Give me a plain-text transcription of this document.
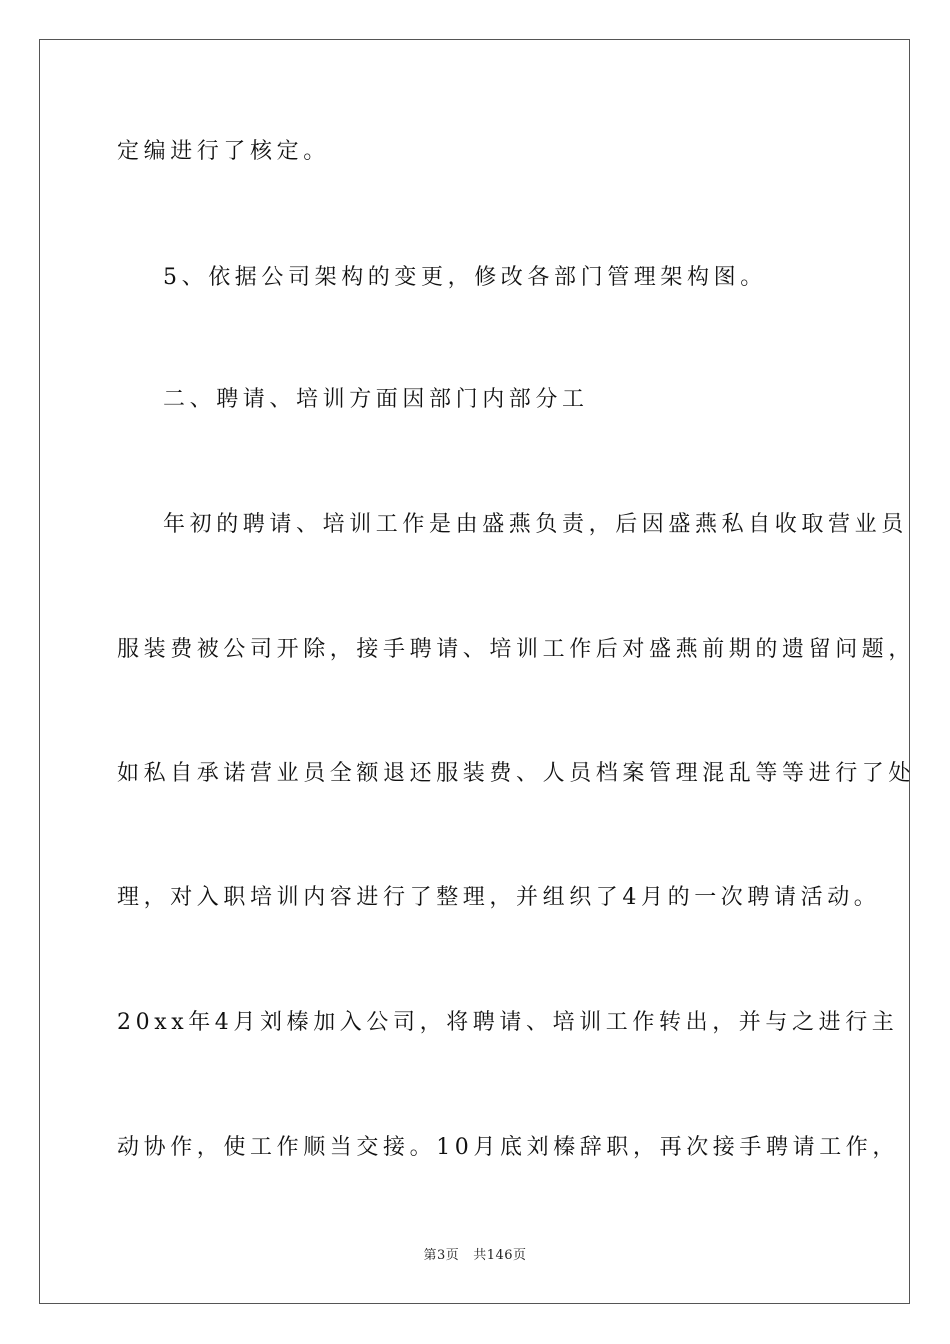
定编进行了核定。
5、依据公司架构的变更，修改各部门管理架构图。
二、聘请、培训方面因部门内部分工
年初的聘请、培训工作是由盛燕负责，后因盛燕私自收取营业员
服装费被公司开除，接手聘请、培训工作后对盛燕前期的遗留问题，
如私自承诺营业员全额退还服装费、人员档案管理混乱等等进行了处
理，对入职培训内容进行了整理，并组织了4月的一次聘请活动。
20xx年4月刘榛加入公司，将聘请、培训工作转出，并与之进行主
动协作，使工作顺当交接。10月底刘榛辞职，再次接手聘请工作，
第3页 共146页
